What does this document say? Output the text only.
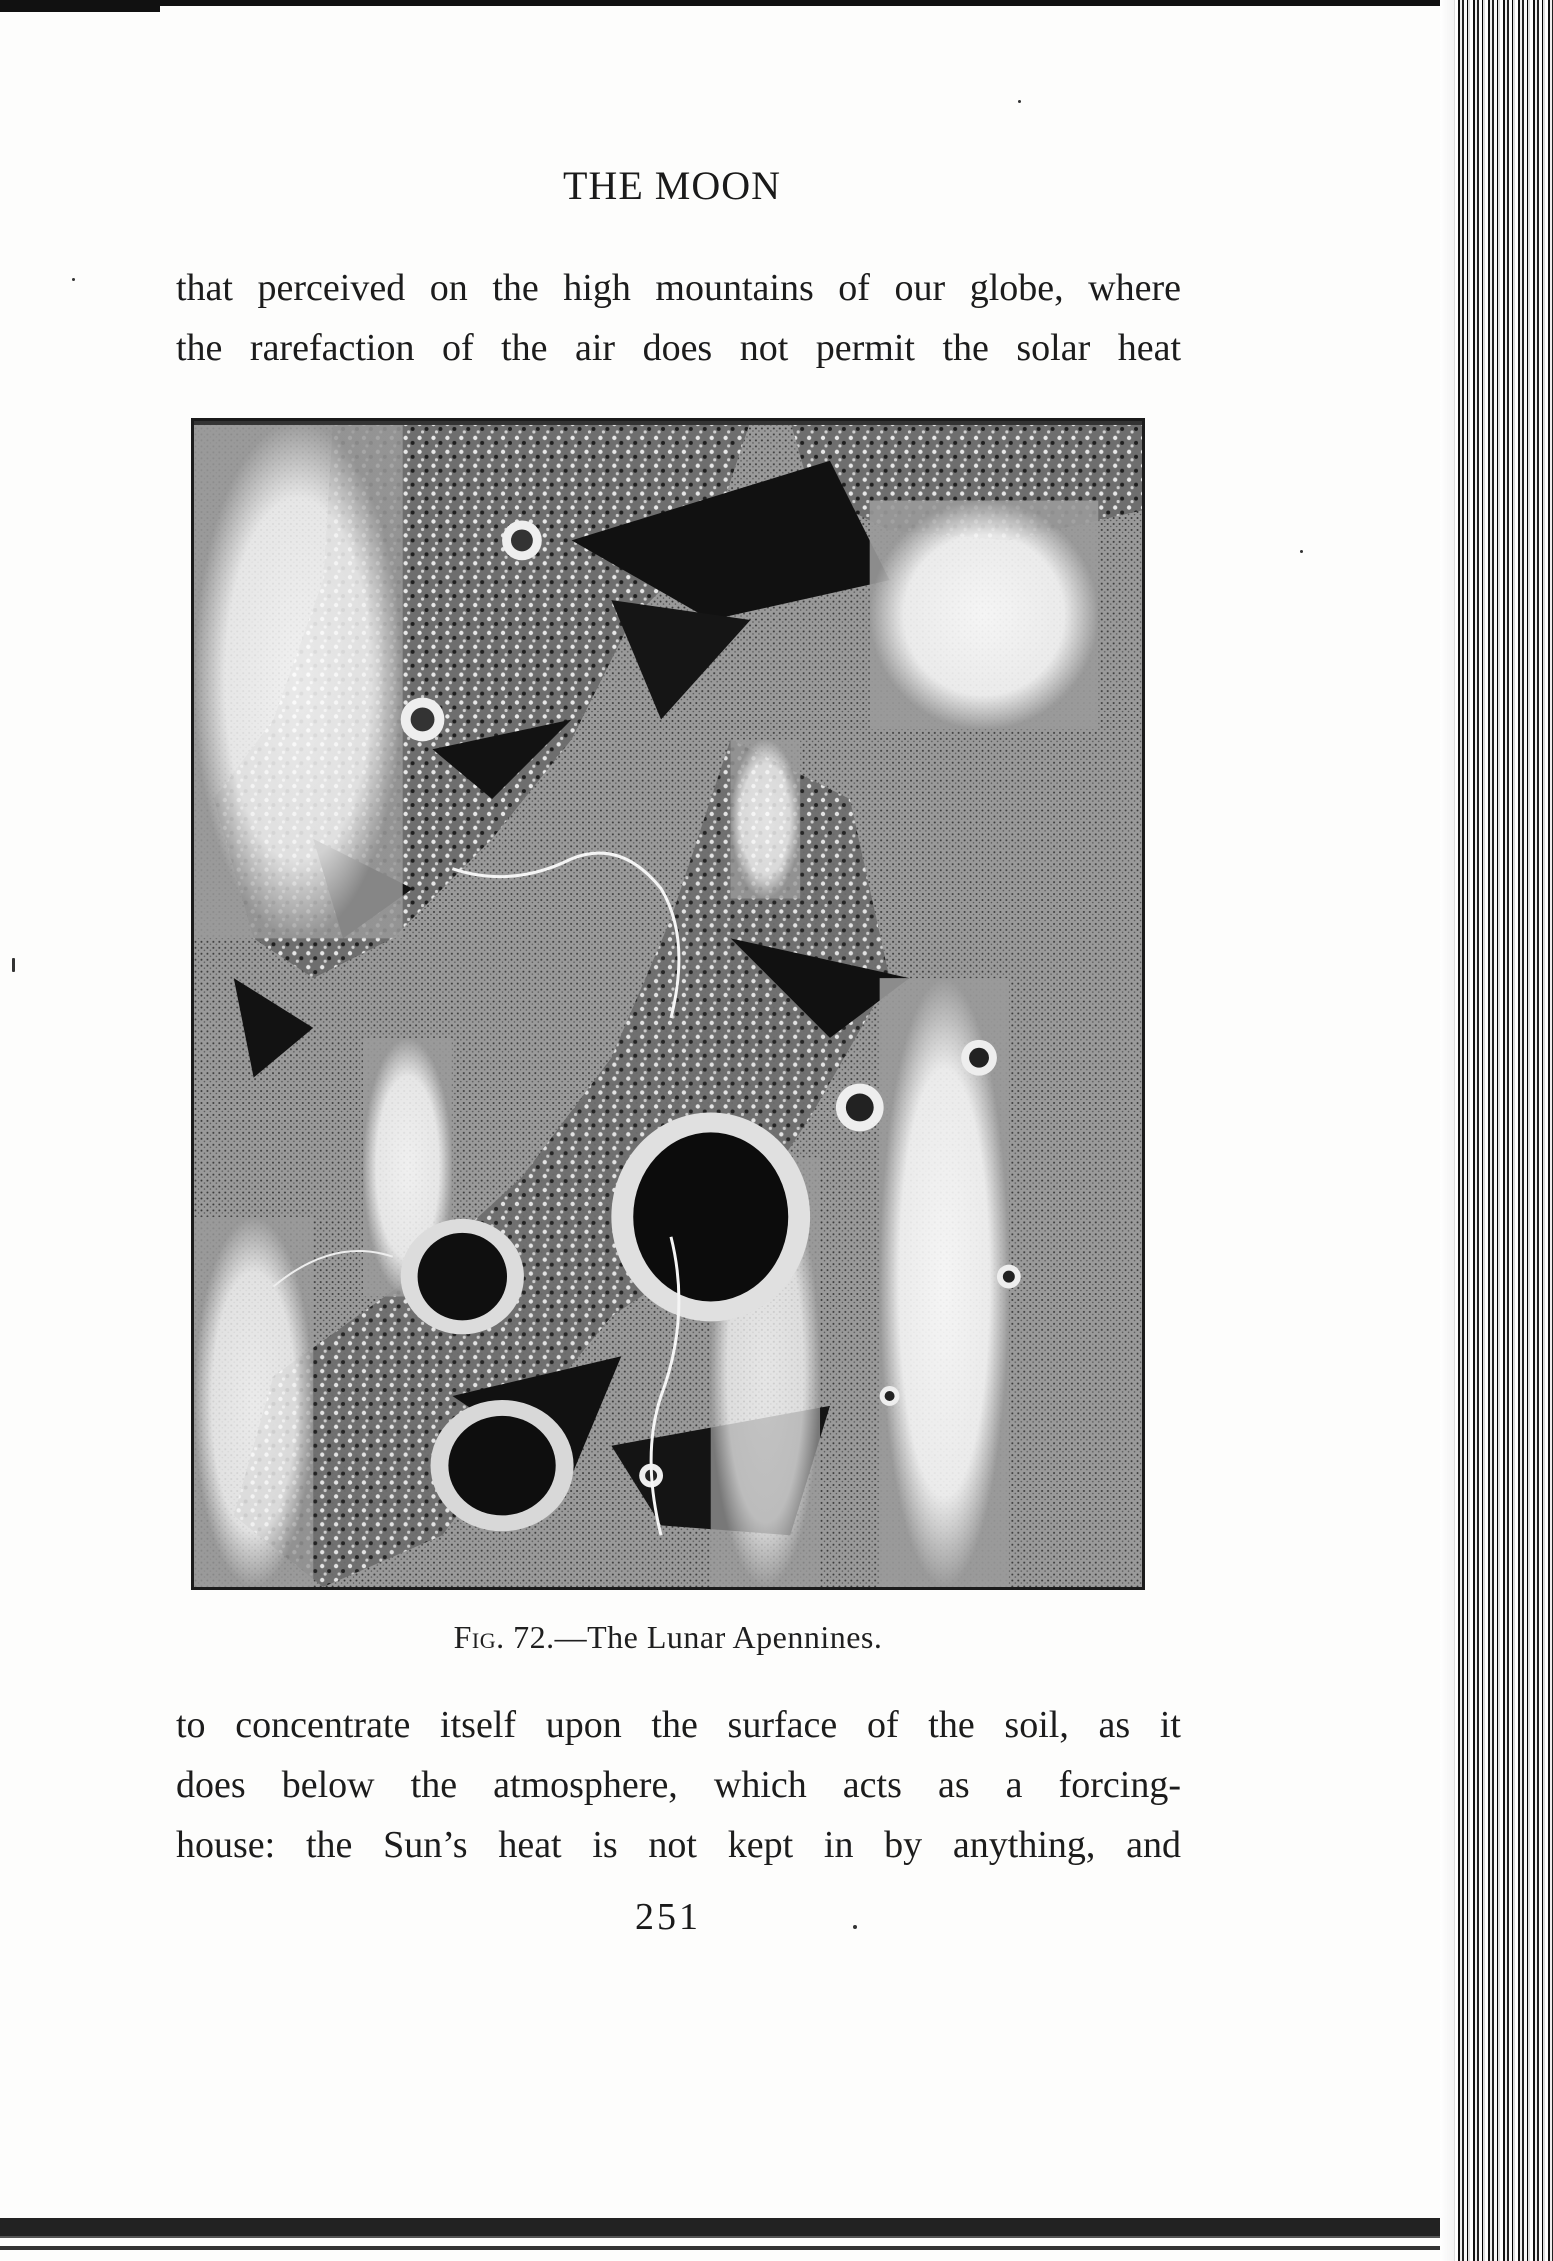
THE MOON
that perceived on the high mountains of our globe, where
the rarefaction of the air does not permit the solar heat
Fig. 72.—The Lunar Apennines.
to concentrate itself upon the surface of the soil, as it
does below the atmosphere, which acts as a forcing-
house: the Sun’s heat is not kept in by anything, and
251
